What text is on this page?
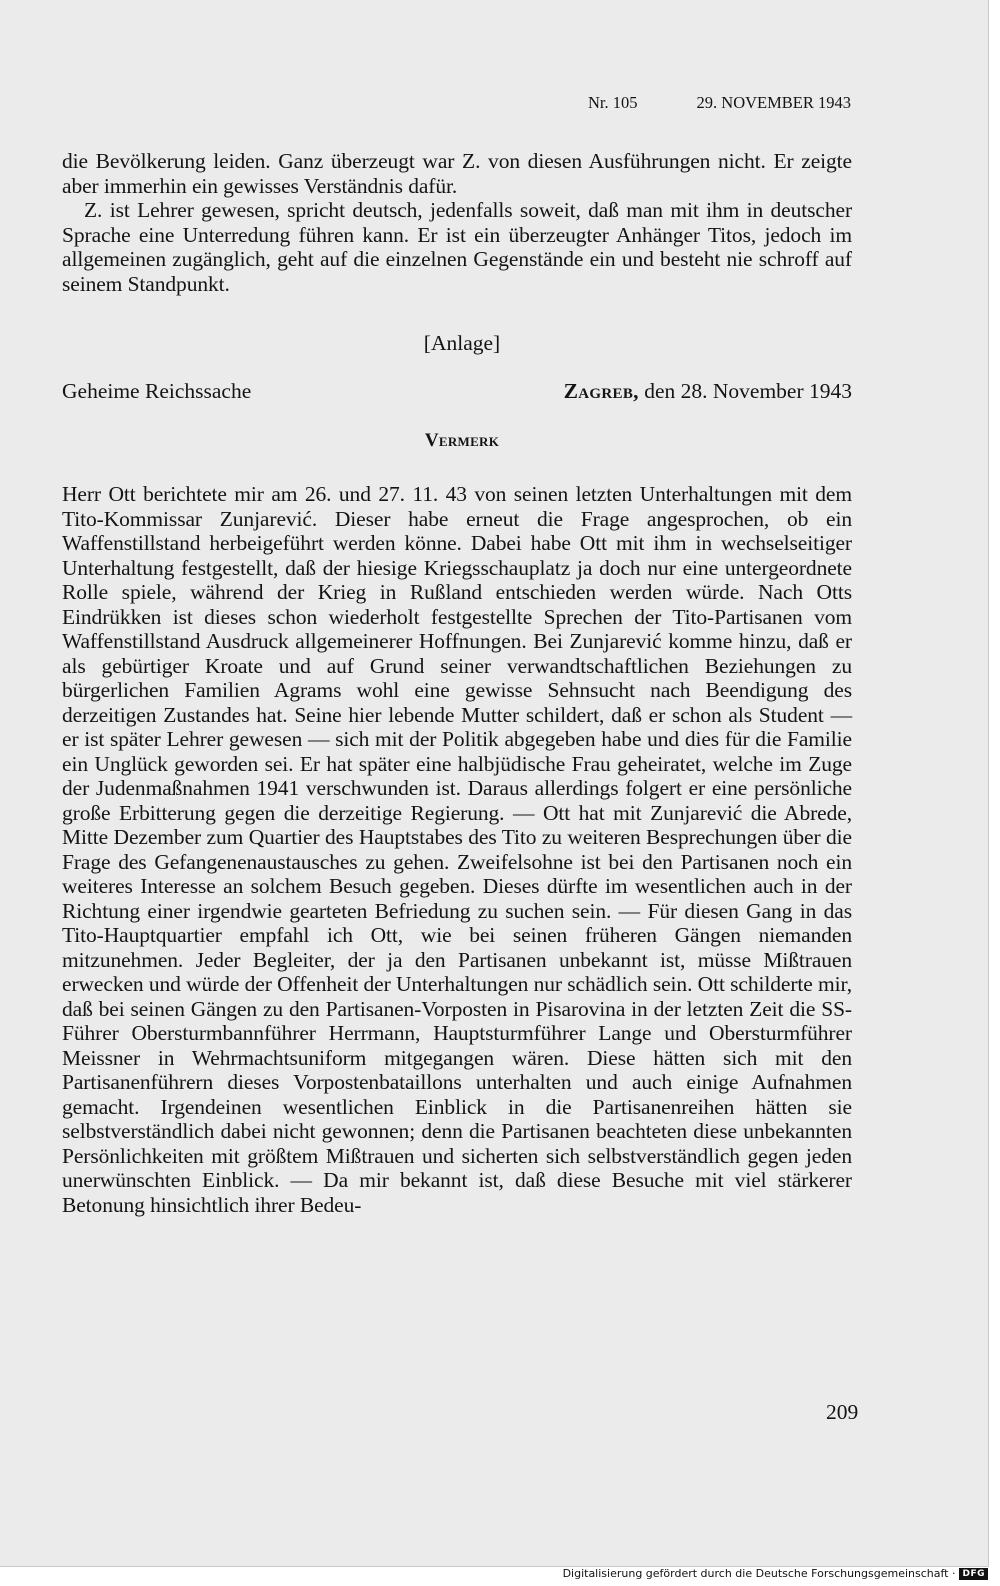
Nr. 105	29. NOVEMBER 1943

die Bevölkerung leiden. Ganz überzeugt war Z. von diesen Ausführungen nicht. Er zeigte aber immerhin ein gewisses Verständnis dafür.

Z. ist Lehrer gewesen, spricht deutsch, jedenfalls soweit, daß man mit ihm in deutscher Sprache eine Unterredung führen kann. Er ist ein überzeugter Anhänger Titos, jedoch im allgemeinen zugänglich, geht auf die einzelnen Gegenstände ein und besteht nie schroff auf seinem Standpunkt.

[Anlage]
Geheime Reichssache	Zagreb, den 28. November 1943
Vermerk

Herr Ott berichtete mir am 26. und 27. 11. 43 von seinen letzten Unterhaltungen mit dem Tito-Kommissar Zunjarević. Dieser habe erneut die Frage angesprochen, ob ein Waffenstillstand herbeigeführt werden könne. Dabei habe Ott mit ihm in wechselseitiger Unterhaltung festgestellt, daß der hiesige Kriegsschauplatz ja doch nur eine untergeordnete Rolle spiele, während der Krieg in Rußland entschieden werden würde. Nach Otts Eindrükken ist dieses schon wiederholt festgestellte Sprechen der Tito-Partisanen vom Waffenstillstand Ausdruck allgemeinerer Hoffnungen. Bei Zunjarević komme hinzu, daß er als gebürtiger Kroate und auf Grund seiner verwandtschaftlichen Beziehungen zu bürgerlichen Familien Agrams wohl eine gewisse Sehnsucht nach Beendigung des derzeitigen Zustandes hat. Seine hier lebende Mutter schildert, daß er schon als Student — er ist später Lehrer gewesen — sich mit der Politik abgegeben habe und dies für die Familie ein Unglück geworden sei. Er hat später eine halbjüdische Frau geheiratet, welche im Zuge der Judenmaßnahmen 1941 verschwunden ist. Daraus allerdings folgert er eine persönliche große Erbitterung gegen die derzeitige Regierung. — Ott hat mit Zunjarević die Abrede, Mitte Dezember zum Quartier des Hauptstabes des Tito zu weiteren Besprechungen über die Frage des Gefangenenaustausches zu gehen. Zweifelsohne ist bei den Partisanen noch ein weiteres Interesse an solchem Besuch gegeben. Dieses dürfte im wesentlichen auch in der Richtung einer irgendwie gearteten Befriedung zu suchen sein. — Für diesen Gang in das Tito-Hauptquartier empfahl ich Ott, wie bei seinen früheren Gängen niemanden mitzunehmen. Jeder Begleiter, der ja den Partisanen unbekannt ist, müsse Mißtrauen erwecken und würde der Offenheit der Unterhaltungen nur schädlich sein. Ott schilderte mir, daß bei seinen Gängen zu den Partisanen-Vorposten in Pisarovina in der letzten Zeit die SS-Führer Obersturmbannführer Herrmann, Hauptsturmführer Lange und Obersturmführer Meissner in Wehrmachtsuniform mitgegangen wären. Diese hätten sich mit den Partisanenführern dieses Vorpostenbataillons unterhalten und auch einige Aufnahmen gemacht. Irgendeinen wesentlichen Einblick in die Partisanenreihen hätten sie selbstverständlich dabei nicht gewonnen; denn die Partisanen beachteten diese unbekannten Persönlichkeiten mit größtem Mißtrauen und sicherten sich selbstverständlich gegen jeden unerwünschten Einblick. — Da mir bekannt ist, daß diese Besuche mit viel stärkerer Betonung hinsichtlich ihrer Bedeu-

209
Digitalisierung gefördert durch die Deutsche Forschungsgemeinschaft · DFG
